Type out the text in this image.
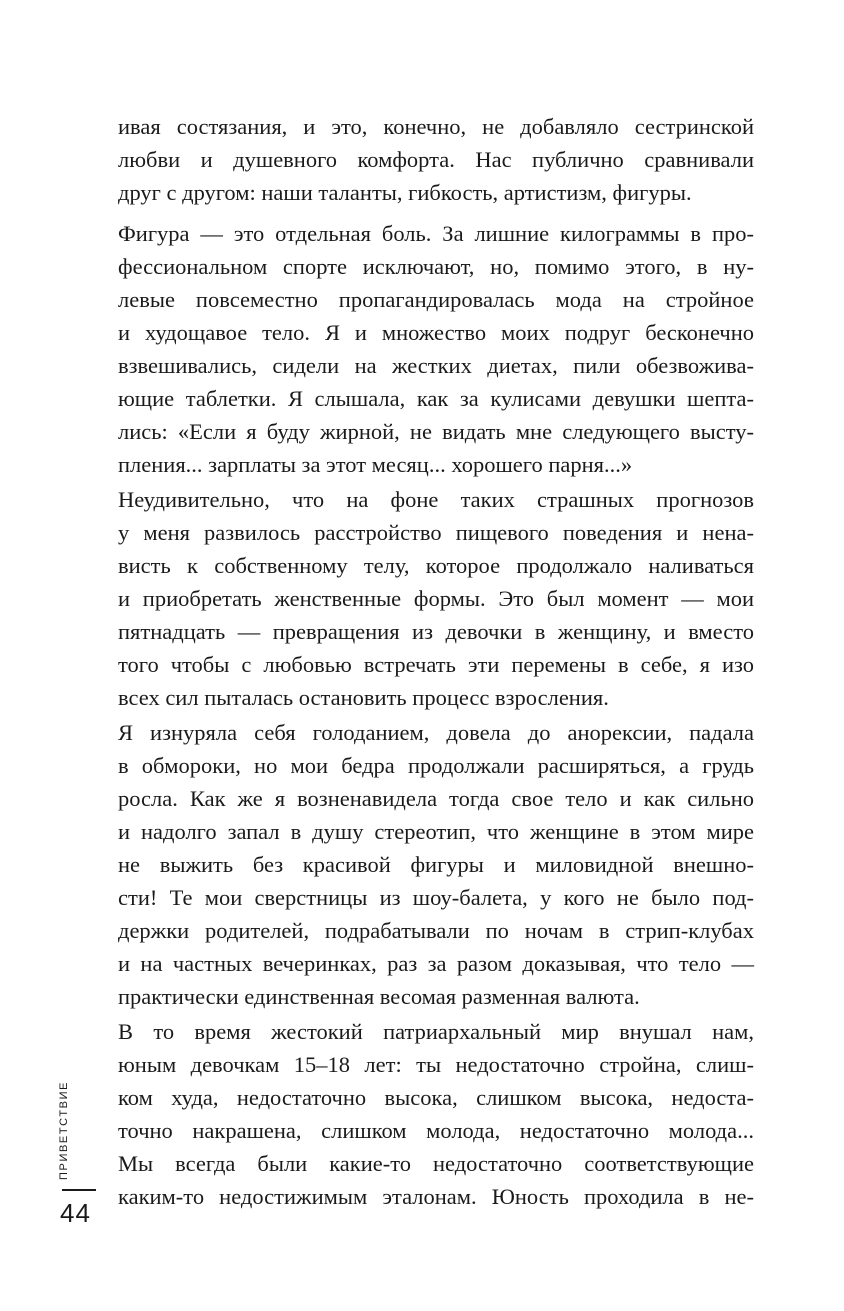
ивая состязания, и это, конечно, не добавляло сестринской
любви и душевного комфорта. Нас публично сравнивали
друг с другом: наши таланты, гибкость, артистизм, фигуры.
Фигура — это отдельная боль. За лишние килограммы в про-
фессиональном спорте исключают, но, помимо этого, в ну-
левые повсеместно пропагандировалась мода на стройное
и худощавое тело. Я и множество моих подруг бесконечно
взвешивались, сидели на жестких диетах, пили обезвожива-
ющие таблетки. Я слышала, как за кулисами девушки шепта-
лись: «Если я буду жирной, не видать мне следующего высту-
пления... зарплаты за этот месяц... хорошего парня...»
Неудивительно, что на фоне таких страшных прогнозов
у меня развилось расстройство пищевого поведения и нена-
висть к собственному телу, которое продолжало наливаться
и приобретать женственные формы. Это был момент — мои
пятнадцать — превращения из девочки в женщину, и вместо
того чтобы с любовью встречать эти перемены в себе, я изо
всех сил пыталась остановить процесс взросления.
Я изнуряла себя голоданием, довела до анорексии, падала
в обмороки, но мои бедра продолжали расширяться, а грудь
росла. Как же я возненавидела тогда свое тело и как сильно
и надолго запал в душу стереотип, что женщине в этом мире
не выжить без красивой фигуры и миловидной внешно-
сти! Те мои сверстницы из шоу-балета, у кого не было под-
держки родителей, подрабатывали по ночам в стрип-клубах
и на частных вечеринках, раз за разом доказывая, что тело —
практически единственная весомая разменная валюта.
В то время жестокий патриархальный мир внушал нам,
юным девочкам 15–18 лет: ты недостаточно стройна, слиш-
ком худа, недостаточно высока, слишком высока, недоста-
точно накрашена, слишком молода, недостаточно молода...
Мы всегда были какие-то недостаточно соответствующие
каким-то недостижимым эталонам. Юность проходила в не-
ПРИВЕТСТВИЕ
44
